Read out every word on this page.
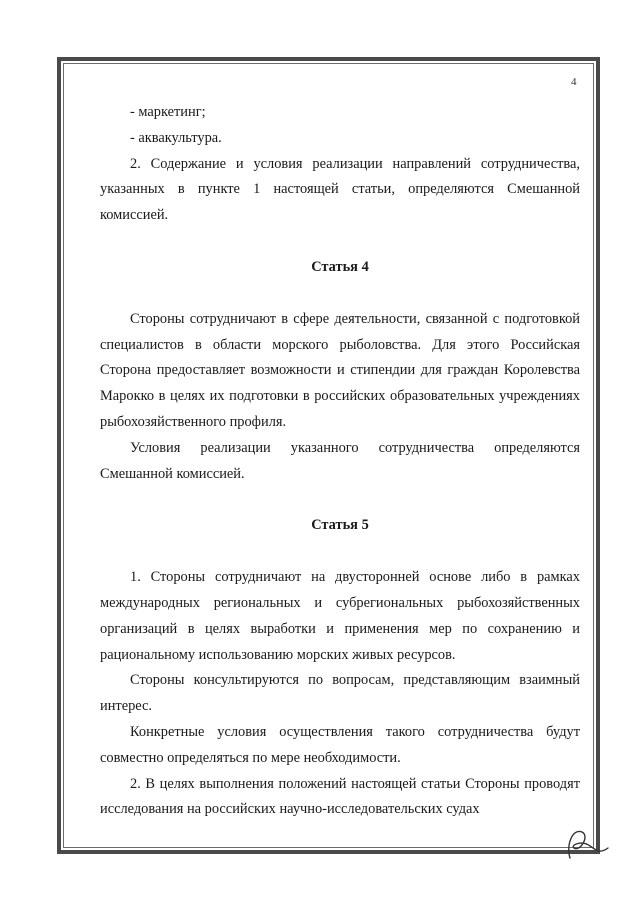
4

- маркетинг;

- аквакультура.

2. Содержание и условия реализации направлений сотрудничества, указанных в пункте 1 настоящей статьи, определяются Смешанной комиссией.

Статья 4

Стороны сотрудничают в сфере деятельности, связанной с подготовкой специалистов в области морского рыболовства. Для этого Российская Сторона предоставляет возможности и стипендии для граждан Королевства Марокко в целях их подготовки в российских образовательных учреждениях рыбохозяйственного профиля.

Условия реализации указанного сотрудничества определяются Смешанной комиссией.

Статья 5

1. Стороны сотрудничают на двусторонней основе либо в рамках международных региональных и субрегиональных рыбохозяйственных организаций в целях выработки и применения мер по сохранению и рациональному использованию морских живых ресурсов.

Стороны консультируются по вопросам, представляющим взаимный интерес.

Конкретные условия осуществления такого сотрудничества будут совместно определяться по мере необходимости.

2. В целях выполнения положений настоящей статьи Стороны проводят исследования на российских научно-исследовательских судах
